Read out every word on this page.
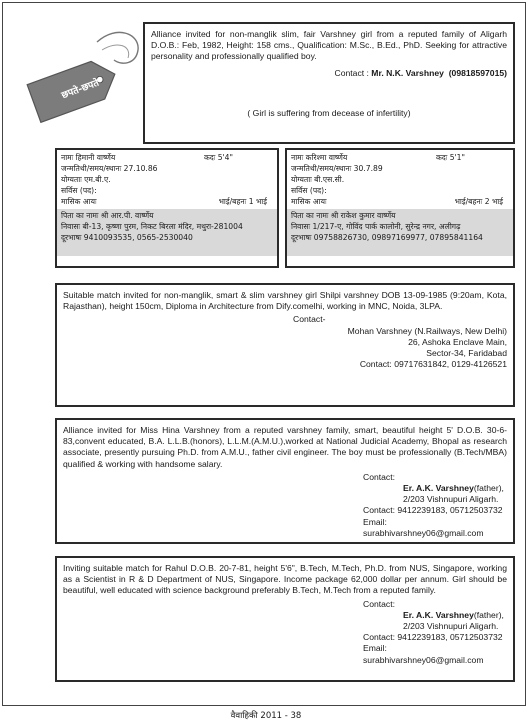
छपते-छपते

Alliance invited for non-manglik slim, fair Varshney girl from a reputed family of Aligarh D.O.B.: Feb, 1982, Height: 158 cms., Qualification: M.Sc., B.Ed., PhD. Seeking for attractive personality and professionally qualified boy.

Contact : Mr. N.K. Varshney (09818597015)

( Girl is suffering from decease of infertility)

नामः हिमानी वार्ष्णेय	कदः 5'4"
जन्मतिथी/समय/स्थानः 27.10.86
योग्यताः एम.बी.ए.
सर्विस (पद):
मासिक आयः	भाई/बहनः 1 भाई
पिता का नामः श्री आर.पी. वार्ष्णेय
निवासः बी-13, कृष्णा पुरम, निकट बिरला मंदिर, मथुरा-281004
दूरभाषः 9410093535, 0565-2530040
नामः करिश्मा वार्ष्णेय	कदः 5'1"
जन्मतिथी/समय/स्थानः 30.7.89
योग्यताः बी.एस.सी.
सर्विस (पद):
मासिक आयः	भाई/बहनः 2 भाई
पिता का नामः श्री राकेश कुमार वार्ष्णेय
निवासः 1/217-ए, गोविंद पार्क कालोनी, सुरेन्द्र नगर, अलीगढ़
दूरभाषः 09758826730, 09897169977, 07895841164

Suitable match invited for non-manglik, smart & slim varshney girl Shilpi varshney DOB 13-09-1985 (9:20am, Kota, Rajasthan), height 150cm, Diploma in Architecture from Dify.comelhi, working in MNC, Noida, 3LPA.

Contact-

Mohan Varshney (N.Railways, New Delhi)

26, Ashoka Enclave Main,

Sector-34, Faridabad

Contact: 09717631842, 0129-4126521

Alliance invited for Miss Hina Varshney from a reputed varshney family, smart, beautiful height 5' D.O.B. 30-6-83,convent educated, B.A. L.L.B.(honors), L.L.M.(A.M.U.),worked at National Judicial Academy, Bhopal as research associate, presently pursuing Ph.D. from A.M.U., father civil engineer. The boy must be professionally (B.Tech/MBA) qualified & working with handsome salary.

Contact:

Er. A.K. Varshney(father),

2/203 Vishnupuri Aligarh.

Contact: 9412239183, 05712503732

Email: surabhivarshney06@gmail.com

Inviting suitable match for Rahul D.O.B. 20-7-81, height 5'6", B.Tech, M.Tech, Ph.D. from NUS, Singapore, working as a Scientist in R & D Department of NUS, Singapore. Income package 62,000 dollar per annum. Girl should be beautiful, well educated with science background preferably B.Tech, M.Tech from a reputed family.

Contact:

Er. A.K. Varshney(father),

2/203 Vishnupuri Aligarh.

Contact: 9412239183, 05712503732

Email: surabhivarshney06@gmail.com

वैवाहिकी 2011 - 38
